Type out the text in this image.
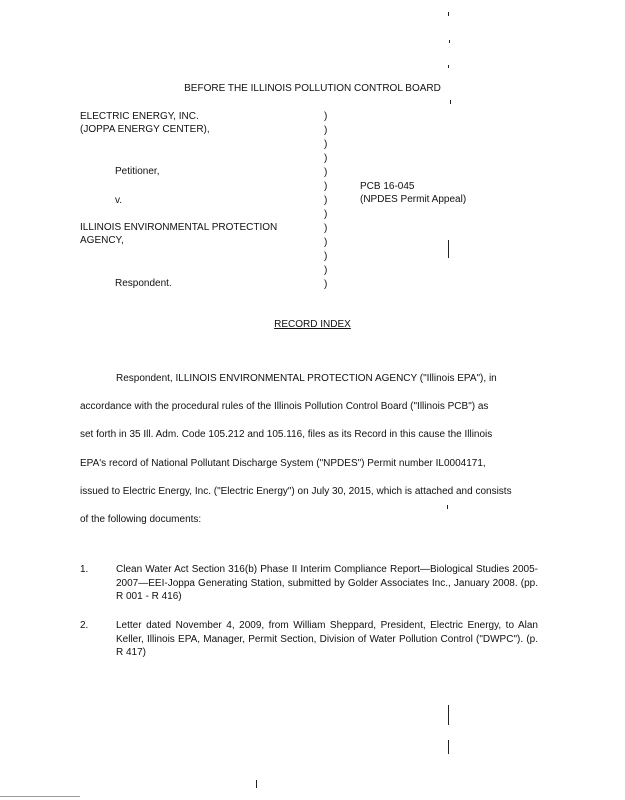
BEFORE THE ILLINOIS POLLUTION CONTROL BOARD
ELECTRIC ENERGY, INC.
(JOPPA ENERGY CENTER),
Petitioner,
v.
ILLINOIS ENVIRONMENTAL PROTECTION
AGENCY,
Respondent.
)
)
)
)
)
)
)
)
)
)
)
)
)
PCB 16-045
(NPDES Permit Appeal)
RECORD INDEX

Respondent, ILLINOIS ENVIRONMENTAL PROTECTION AGENCY ("Illinois EPA"), in

accordance with the procedural rules of the Illinois Pollution Control Board ("Illinois PCB") as
set forth in 35 Ill. Adm. Code 105.212 and 105.116, files as its Record in this cause the Illinois
EPA's record of National Pollutant Discharge System ("NPDES") Permit number IL0004171,
issued to Electric Energy, Inc. ("Electric Energy") on July 30, 2015, which is attached and consists
of the following documents:
1.	Clean Water Act Section 316(b) Phase II Interim Compliance Report—Biological Studies 2005-2007—EEI-Joppa Generating Station, submitted by Golder Associates Inc., January 2008. (pp. R 001 - R 416)
2.	Letter dated November 4, 2009, from William Sheppard, President, Electric Energy, to Alan Keller, Illinois EPA, Manager, Permit Section, Division of Water Pollution Control ("DWPC"). (p. R 417)
